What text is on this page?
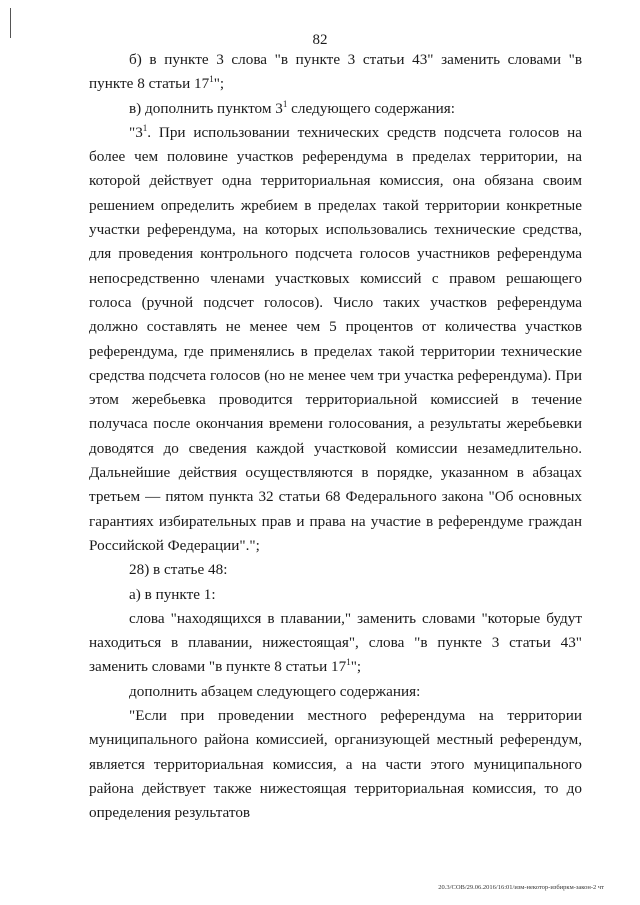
82

б) в пункте 3 слова "в пункте 3 статьи 43" заменить словами "в пункте 8 статьи $17^1$";

в) дополнить пунктом $3^1$ следующего содержания:

"$3^1$. При использовании технических средств подсчета голосов на более чем половине участков референдума в пределах территории, на которой действует одна территориальная комиссия, она обязана своим решением определить жребием в пределах такой территории конкретные участки референдума, на которых использовались технические средства, для проведения контрольного подсчета голосов участников референдума непосредственно членами участковых комиссий с правом решающего голоса (ручной подсчет голосов). Число таких участков референдума должно составлять не менее чем 5 процентов от количества участков референдума, где применялись в пределах такой территории технические средства подсчета голосов (но не менее чем три участка референдума). При этом жеребьевка проводится территориальной комиссией в течение получаса после окончания времени голосования, а результаты жеребьевки доводятся до сведения каждой участковой комиссии незамедлительно. Дальнейшие действия осуществляются в порядке, указанном в абзацах третьем — пятом пункта 32 статьи 68 Федерального закона "Об основных гарантиях избирательных прав и права на участие в референдуме граждан Российской Федерации".";

28) в статье 48:

а) в пункте 1:

слова "находящихся в плавании," заменить словами "которые будут находиться в плавании, нижестоящая", слова "в пункте 3 статьи 43" заменить словами "в пункте 8 статьи $17^1$";

дополнить абзацем следующего содержания:

"Если при проведении местного референдума на территории муниципального района комиссией, организующей местный референдум, является территориальная комиссия, а на части этого муниципального района действует также нижестоящая территориальная комиссия, то до определения результатов

20.3/СОВ/29.06.2016/16:01/изм-некотор-избиркм-закон-2 чт
